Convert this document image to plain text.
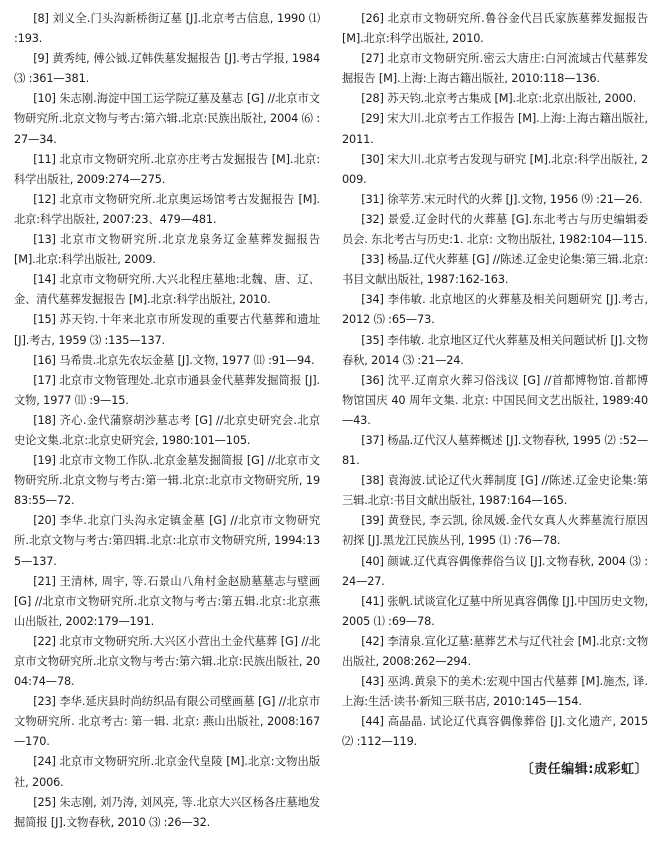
[8] 刘义全.门头沟新桥街辽墓 [J].北京考古信息, 1990 ⑴ :193.

[9] 黄秀纯, 傅公钺.辽韩佚墓发掘报告 [J].考古学报, 1984 ⑶ :361—381.

[10] 朱志刚.海淀中国工运学院辽墓及墓志 [G] //北京市文物研究所.北京文物与考古:第六辑.北京:民族出版社, 2004 ⑹ :27—34.

[11] 北京市文物研究所.北京亦庄考古发掘报告 [M].北京:科学出版社, 2009:274—275.

[12] 北京市文物研究所.北京奥运场馆考古发掘报告 [M].北京:科学出版社, 2007:23、479—481.

[13] 北京市文物研究所.北京龙泉务辽金墓葬发掘报告 [M].北京:科学出版社, 2009.

[14] 北京市文物研究所.大兴北程庄墓地:北魏、唐、辽、金、清代墓葬发掘报告 [M].北京:科学出版社, 2010.

[15] 苏天钧.十年来北京市所发现的重要古代墓葬和遗址 [J].考古, 1959 ⑶ :135—137.

[16] 马希贵.北京先农坛金墓 [J].文物, 1977 ⑾ :91—94.

[17] 北京市文物管理处.北京市通县金代墓葬发掘简报 [J].文物, 1977 ⑾ :9—15.

[18] 齐心.金代蒲察胡沙墓志考 [G] //北京史研究会.北京史论文集.北京:北京史研究会, 1980:101—105.

[19] 北京市文物工作队.北京金墓发掘简报 [G] //北京市文物研究所.北京文物与考古:第一辑.北京:北京市文物研究所, 1983:55—72.

[20] 李华.北京门头沟永定镇金墓 [G] //北京市文物研究所.北京文物与考古:第四辑.北京:北京市文物研究所, 1994:135—137.

[21] 王清林, 周宇, 等.石景山八角村金赵励墓墓志与壁画 [G] //北京市文物研究所.北京文物与考古:第五辑.北京:北京燕山出版社, 2002:179—191.

[22] 北京市文物研究所.大兴区小营出土金代墓葬 [G] //北京市文物研究所.北京文物与考古:第六辑.北京:民族出版社, 2004:74—78.

[23] 李华.延庆县时尚纺织品有限公司壁画墓 [G] //北京市文物研究所. 北京考古: 第一辑. 北京: 燕山出版社, 2008:167—170.

[24] 北京市文物研究所.北京金代皇陵 [M].北京:文物出版社, 2006.

[25] 朱志刚, 刘乃涛, 刘风亮, 等.北京大兴区杨各庄墓地发掘简报 [J].文物春秋, 2010 ⑶ :26—32.

[26] 北京市文物研究所.鲁谷金代吕氏家族墓葬发掘报告 [M].北京:科学出版社, 2010.

[27] 北京市文物研究所.密云大唐庄:白河流域古代墓葬发掘报告 [M].上海:上海古籍出版社, 2010:118—136.

[28] 苏天钧.北京考古集成 [M].北京:北京出版社, 2000.

[29] 宋大川.北京考古工作报告 [M].上海:上海古籍出版社, 2011.

[30] 宋大川.北京考古发现与研究 [M].北京:科学出版社, 2009.

[31] 徐苹芳.宋元时代的火葬 [J].文物, 1956 ⑼ :21—26.

[32] 景爱.辽金时代的火葬墓 [G].东北考古与历史编辑委员会. 东北考古与历史:1. 北京: 文物出版社, 1982:104—115.

[33] 杨晶.辽代火葬墓 [G] //陈述.辽金史论集:第三辑.北京:书目文献出版社, 1987:162-163.

[34] 李伟敏. 北京地区的火葬墓及相关问题研究 [J].考古, 2012 ⑸ :65—73.

[35] 李伟敏. 北京地区辽代火葬墓及相关问题试析 [J].文物春秋, 2014 ⑶ :21—24.

[36] 沈平.辽南京火葬习俗浅议 [G] //首都博物馆.首都博物馆国庆 40 周年文集. 北京: 中国民间文艺出版社, 1989:40—43.

[37] 杨晶.辽代汉人墓葬概述 [J].文物春秋, 1995 ⑵ :52—81.

[38] 袁海波.试论辽代火葬制度 [G] //陈述.辽金史论集:第三辑.北京:书目文献出版社, 1987:164—165.

[39] 黄登民, 李云凯, 徐凤媛.金代女真人火葬墓流行原因初探 [J].黑龙江民族丛刊, 1995 ⑴ :76—78.

[40] 颜诚.辽代真容偶像葬俗刍议 [J].文物春秋, 2004 ⑶ :24—27.

[41] 张帆.试谈宣化辽墓中所见真容偶像 [J].中国历史文物, 2005 ⑴ :69—78.

[42] 李清泉.宣化辽墓:墓葬艺术与辽代社会 [M].北京:文物出版社, 2008:262—294.

[43] 巫鸿.黄泉下的美术:宏观中国古代墓葬 [M].施杰, 译.上海:生活·读书·新知三联书店, 2010:145—154.

[44] 高晶晶. 试论辽代真容偶像葬俗 [J].文化遗产, 2015 ⑵ :112—119.

〔责任编辑:成彩虹〕
